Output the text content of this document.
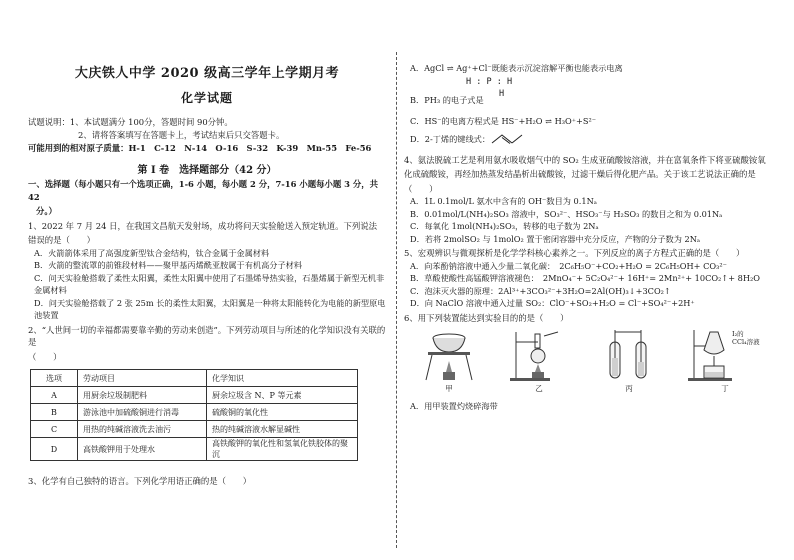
大庆铁人中学 2020 级高三学年上学期月考

化学试题

试题说明：1、本试题满分 100分，答题时间 90分钟。

2、请将答案填写在答题卡上，考试结束后只交答题卡。

可能用到的相对原子质量：H-1　C-12　N-14　O-16　S-32　K-39　Mn-55　Fe-56

第 Ⅰ 卷　选择题部分（42 分）

一、选择题（每小题只有一个选项正确，1-6 小题，每小题 2 分，7-16 小题每小题 3 分，共 42

分。）

1、2022 年 7 月 24 日，在我国文昌航天发射场，成功将问天实验舱送入预定轨道。下列说法

错误的是（　　）

A．火箭箭体采用了高强度新型钛合金结构，钛合金属于金属材料

B．火箭的整流罩的前锥段材料——聚甲基丙烯酰亚胺属于有机高分子材料

C．问天实验舱搭载了柔性太阳翼，柔性太阳翼中使用了石墨烯导热实验，石墨烯属于新型无机非金属材料

D．问天实验舱搭载了 2 张 25m 长的柔性太阳翼，太阳翼是一种将太阳能转化为电能的新型原电池装置

2、“人世间一切的幸福都需要靠辛勤的劳动来创造”。下列劳动项目与所述的化学知识没有关联的是

（　　）

选项	劳动项目	化学知识
A	用厨余垃圾制肥料	厨余垃圾含 N、P 等元素
B	游泳池中加硫酸铜进行消毒	硫酸铜的氧化性
C	用热的纯碱溶液洗去油污	热的纯碱溶液水解显碱性
D	高铁酸钾用于处理水	高铁酸钾的氧化性和氢氧化铁胶体的聚沉

3、化学有自己独特的语言。下列化学用语正确的是（　　）

A．AgCl ⇌ Ag⁺+Cl⁻既能表示沉淀溶解平衡也能表示电离

H : P : H
H
B．PH₃ 的电子式是

C．HS⁻的电离方程式是 HS⁻+H₂O ⇌ H₃O⁺+S²⁻

D．2-丁烯的键线式：

4、氨法脱硫工艺是利用氨水吸收烟气中的 SO₂ 生成亚硫酸铵溶液，并在富氧条件下将亚硫酸铵氧

化成硫酸铵，再经加热蒸发结晶析出硫酸铵，过滤干燥后得化肥产品。关于该工艺说法正确的是

（　　）

A．1L 0.1mol/L 氨水中含有的 OH⁻数目为 0.1Nₐ

B．0.01mol/L(NH₄)₂SO₃ 溶液中，SO₃²⁻、HSO₃⁻与 H₂SO₃ 的数目之和为 0.01Nₐ

C．每氧化 1mol(NH₄)₂SO₃，转移的电子数为 2Nₐ

D．若将 2molSO₂ 与 1molO₂ 置于密闭容器中充分反应，产物的分子数为 2Nₐ

5、宏观辨识与微观探析是化学学科核心素养之一。下列反应的离子方程式正确的是（　　）

A．向苯酚钠溶液中通入少量二氧化碳：　2C₆H₅O⁻+CO₂+H₂O = 2C₆H₅OH+ CO₃²⁻

B．草酸使酸性高锰酸钾溶液褪色：　2MnO₄⁻+ 5C₂O₄²⁻+ 16H⁺= 2Mn²⁺+ 10CO₂↑+ 8H₂O

C．泡沫灭火器的原理：2Al³⁺+3CO₃²⁻+3H₂O=2Al(OH)₃↓+3CO₂↑

D．向 NaClO 溶液中通入过量 SO₂：ClO⁻+SO₂+H₂O = Cl⁻+SO₄²⁻+2H⁺

6、用下列装置能达到实验目的的是（　　）

甲	乙	丙
I₂的
CCl₄溶液
丁

A．用甲装置灼烧碎海带
